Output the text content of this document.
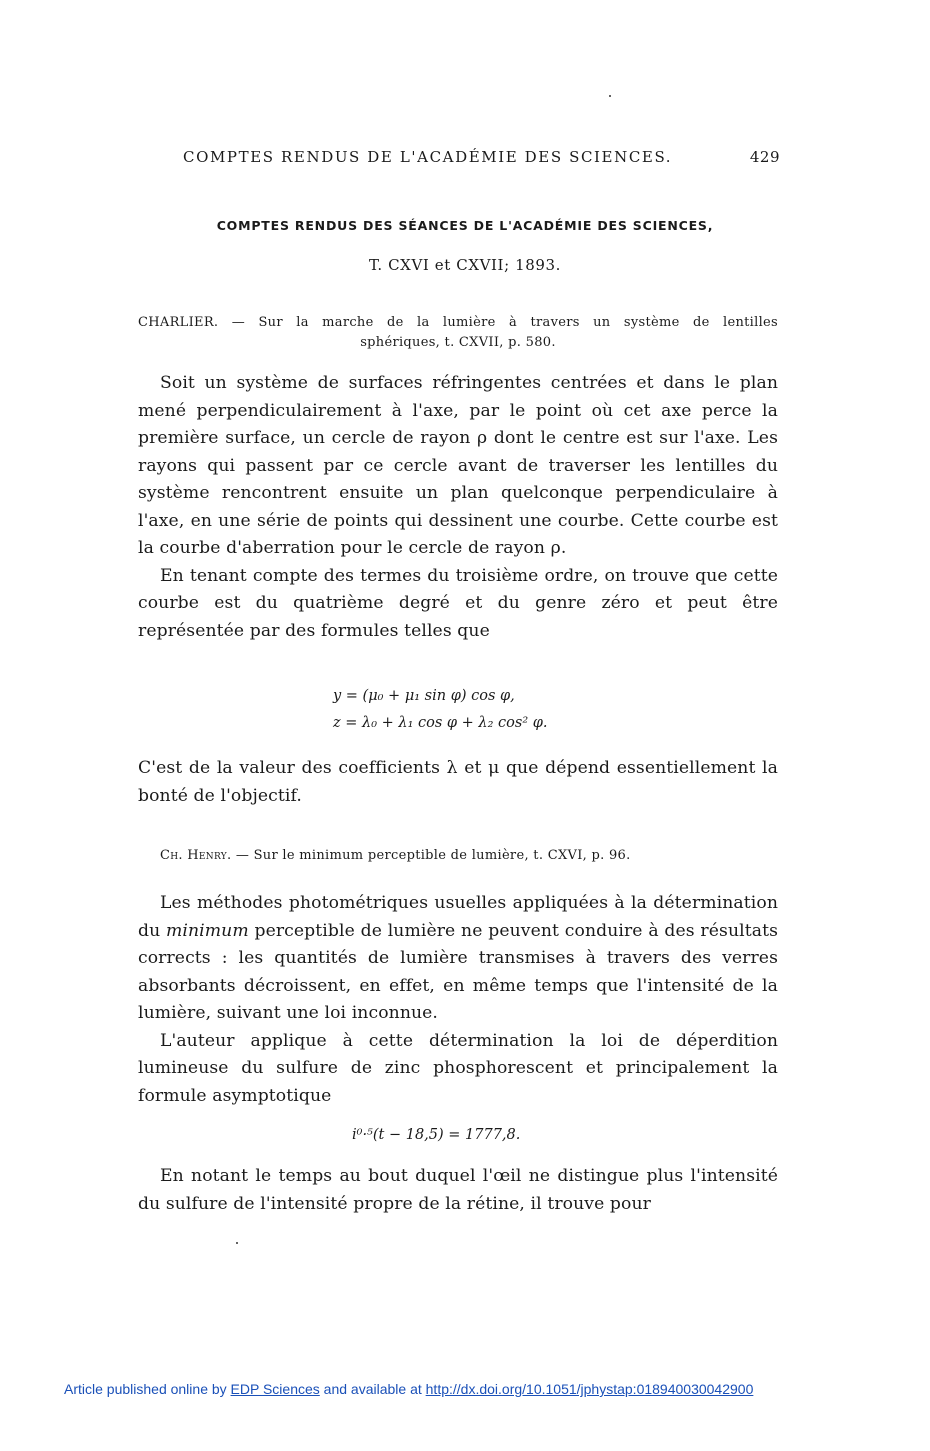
COMPTES RENDUS DE L'ACADÉMIE DES SCIENCES.	429
COMPTES RENDUS DES SÉANCES DE L'ACADÉMIE DES SCIENCES,
T. CXVI et CXVII; 1893.
CHARLIER. — Sur la marche de la lumière à travers un système de lentilles
sphériques, t. CXVII, p. 580.

Soit un système de surfaces réfringentes centrées et dans le plan mené perpendiculairement à l'axe, par le point où cet axe perce la première surface, un cercle de rayon ρ dont le centre est sur l'axe. Les rayons qui passent par ce cercle avant de traverser les lentilles du système rencontrent ensuite un plan quelconque perpendiculaire à l'axe, en une série de points qui dessinent une courbe. Cette courbe est la courbe d'aberration pour le cercle de rayon ρ.

En tenant compte des termes du troisième ordre, on trouve que cette courbe est du quatrième degré et du genre zéro et peut être représentée par des formules telles que

y = (μ₀ + μ₁ sin φ) cos φ,
z = λ₀ + λ₁ cos φ + λ₂ cos² φ.

C'est de la valeur des coefficients λ et μ que dépend essentiellement la bonté de l'objectif.

Ch. Henry. — Sur le minimum perceptible de lumière, t. CXVI, p. 96.

Les méthodes photométriques usuelles appliquées à la détermination du minimum perceptible de lumière ne peuvent conduire à des résultats corrects : les quantités de lumière transmises à travers des verres absorbants décroissent, en effet, en même temps que l'intensité de la lumière, suivant une loi inconnue.

L'auteur applique à cette détermination la loi de déperdition lumineuse du sulfure de zinc phosphorescent et principalement la formule asymptotique

i⁰·⁵(t − 18,5) = 1777,8.

En notant le temps au bout duquel l'œil ne distingue plus l'intensité du sulfure de l'intensité propre de la rétine, il trouve pour

Article published online by EDP Sciences and available at http://dx.doi.org/10.1051/jphystap:018940030042900
